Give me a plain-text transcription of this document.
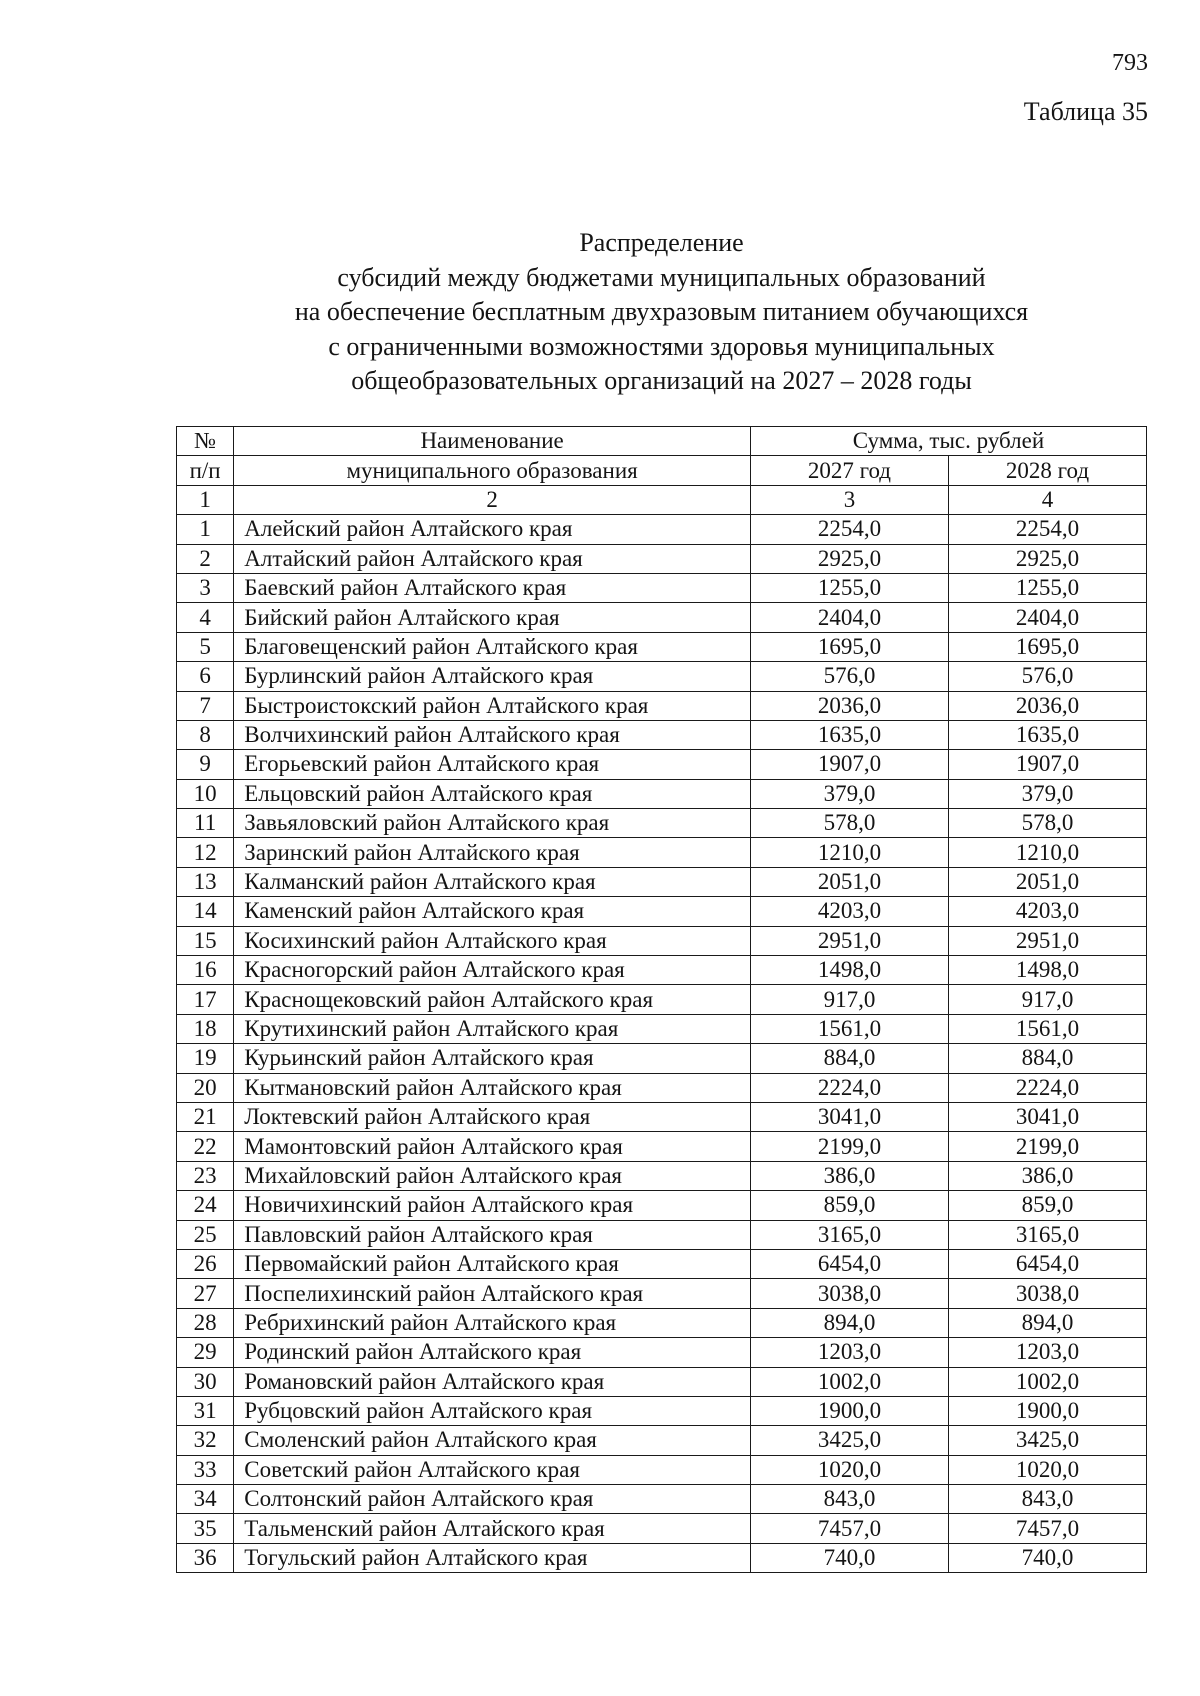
793
Таблица 35
Распределение
субсидий между бюджетами муниципальных образований
на обеспечение бесплатным двухразовым питанием обучающихся
с ограниченными возможностями здоровья муниципальных
общеобразовательных организаций на 2027 – 2028 годы
№	Наименование	Сумма, тыс. рублей	
п/п	муниципального образования	2027 год	2028 год
1	2	3	4
1	Алейский район Алтайского края	2254,0	2254,0
2	Алтайский район Алтайского края	2925,0	2925,0
3	Баевский район Алтайского края	1255,0	1255,0
4	Бийский район Алтайского края	2404,0	2404,0
5	Благовещенский район Алтайского края	1695,0	1695,0
6	Бурлинский район Алтайского края	576,0	576,0
7	Быстроистокский район Алтайского края	2036,0	2036,0
8	Волчихинский район Алтайского края	1635,0	1635,0
9	Егорьевский район Алтайского края	1907,0	1907,0
10	Ельцовский район Алтайского края	379,0	379,0
11	Завьяловский район Алтайского края	578,0	578,0
12	Заринский район Алтайского края	1210,0	1210,0
13	Калманский район Алтайского края	2051,0	2051,0
14	Каменский район Алтайского края	4203,0	4203,0
15	Косихинский район Алтайского края	2951,0	2951,0
16	Красногорский район Алтайского края	1498,0	1498,0
17	Краснощековский район Алтайского края	917,0	917,0
18	Крутихинский район Алтайского края	1561,0	1561,0
19	Курьинский район Алтайского края	884,0	884,0
20	Кытмановский район Алтайского края	2224,0	2224,0
21	Локтевский район Алтайского края	3041,0	3041,0
22	Мамонтовский район Алтайского края	2199,0	2199,0
23	Михайловский район Алтайского края	386,0	386,0
24	Новичихинский район Алтайского края	859,0	859,0
25	Павловский район Алтайского края	3165,0	3165,0
26	Первомайский район Алтайского края	6454,0	6454,0
27	Поспелихинский район Алтайского края	3038,0	3038,0
28	Ребрихинский район Алтайского края	894,0	894,0
29	Родинский район Алтайского края	1203,0	1203,0
30	Романовский район Алтайского края	1002,0	1002,0
31	Рубцовский район Алтайского края	1900,0	1900,0
32	Смоленский район Алтайского края	3425,0	3425,0
33	Советский район Алтайского края	1020,0	1020,0
34	Солтонский район Алтайского края	843,0	843,0
35	Тальменский район Алтайского края	7457,0	7457,0
36	Тогульский район Алтайского края	740,0	740,0
